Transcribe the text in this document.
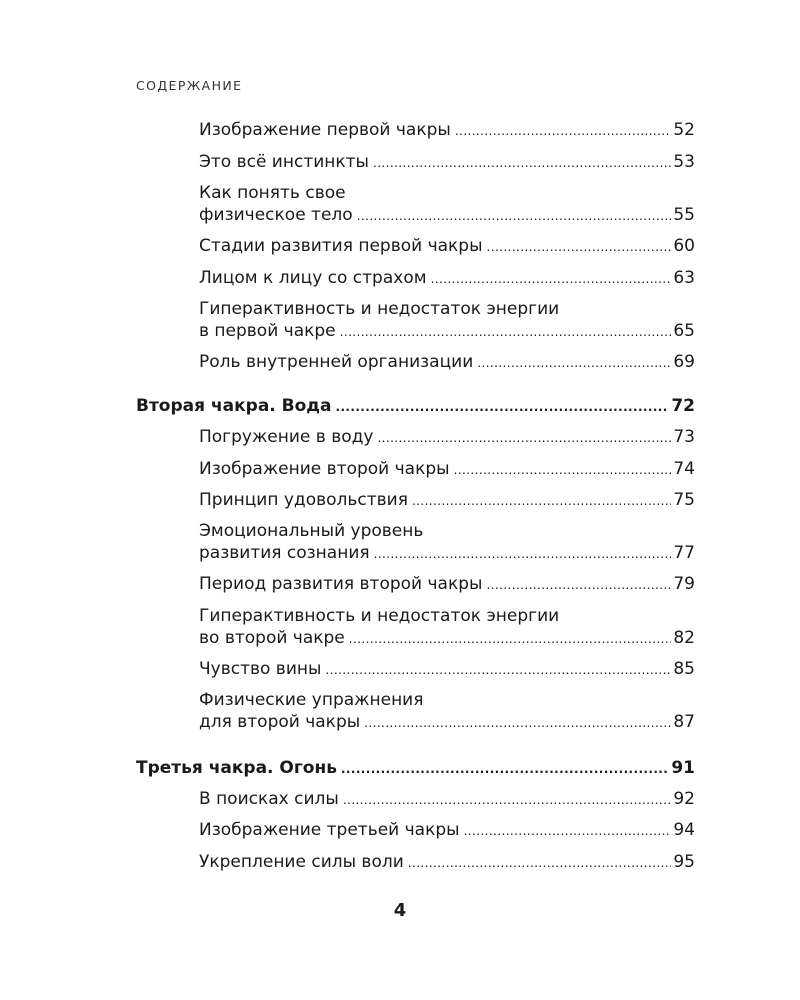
СОДЕРЖАНИЕ
Изображение первой чакры .....	52
Это всё инстинкты .....	53
Как понять свое
физическое тело .....	55
Стадии развития первой чакры .....	60
Лицом к лицу со страхом .....	63
Гиперактивность и недостаток энергии
в первой чакре .....	65
Роль внутренней организации .....	69
Вторая чакра. Вода .....	72
Погружение в воду .....	73
Изображение второй чакры .....	74
Принцип удовольствия .....	75
Эмоциональный уровень
развития сознания .....	77
Период развития второй чакры .....	79
Гиперактивность и недостаток энергии
во второй чакре .....	82
Чувство вины .....	85
Физические упражнения
для второй чакры .....	87
Третья чакра. Огонь .....	91
В поисках силы .....	92
Изображение третьей чакры .....	94
Укрепление силы воли .....	95
4
